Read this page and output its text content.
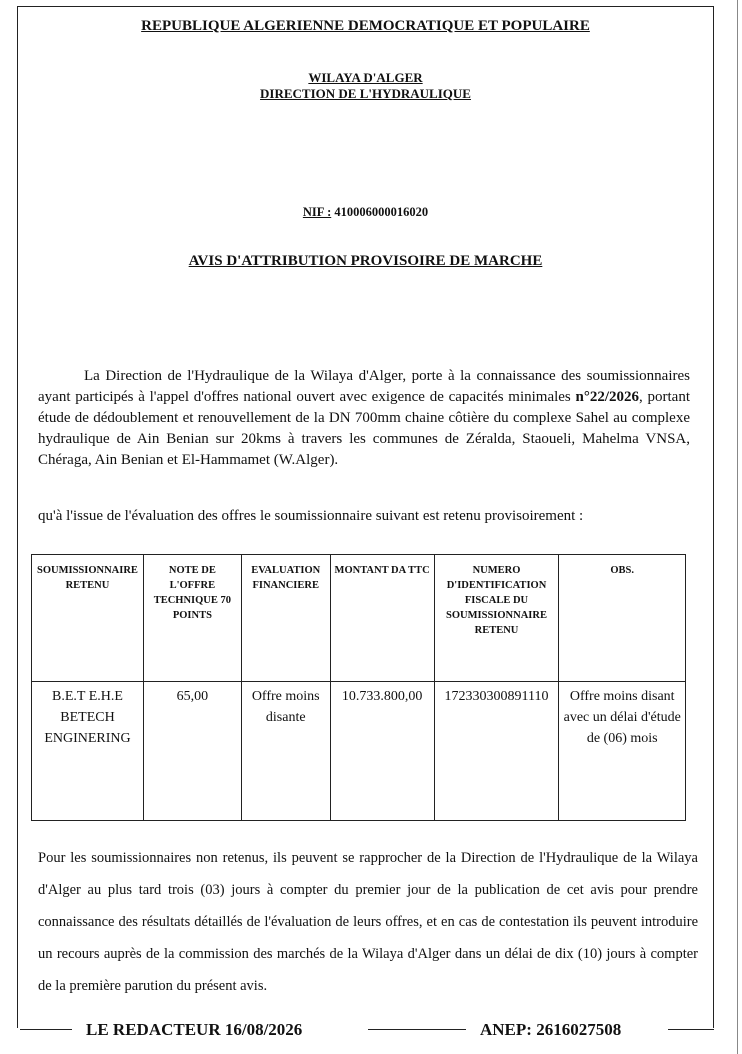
REPUBLIQUE ALGERIENNE DEMOCRATIQUE ET POPULAIRE
WILAYA D'ALGER
DIRECTION DE L'HYDRAULIQUE
NIF : 410006000016020
AVIS D'ATTRIBUTION PROVISOIRE DE MARCHE
La Direction de l'Hydraulique de la Wilaya d'Alger, porte à la connaissance des soumissionnaires ayant participés à l'appel d'offres national ouvert avec exigence de capacités minimales n°22/2026, portant étude de dédoublement et renouvellement de la DN 700mm chaine côtière du complexe Sahel au complexe hydraulique de Ain Benian sur 20kms à travers les communes de Zéralda, Staoueli, Mahelma VNSA, Chéraga, Ain Benian et El-Hammamet (W.Alger).
qu'à l'issue de l'évaluation des offres le soumissionnaire suivant est retenu provisoirement :
SOUMISSIONNAIRE RETENU	NOTE DE L'OFFRE TECHNIQUE 70 POINTS	EVALUATION FINANCIERE	MONTANT DA TTC	NUMERO D'IDENTIFICATION FISCALE DU SOUMISSIONNAIRE RETENU	OBS.
B.E.T E.H.E BETECH ENGINERING	65,00	Offre moins disante	10.733.800,00	172330300891110	Offre moins disant avec un délai d'étude de (06) mois
Pour les soumissionnaires non retenus, ils peuvent se rapprocher de la Direction de l'Hydraulique de la Wilaya d'Alger au plus tard trois (03) jours à compter du premier jour de la publication de cet avis pour prendre connaissance des résultats détaillés de l'évaluation de leurs offres, et en cas de contestation ils peuvent introduire un recours auprès de la commission des marchés de la Wilaya d'Alger dans un délai de dix (10) jours à compter de la première parution du présent avis.
LE REDACTEUR 16/08/2026	ANEP: 2616027508
